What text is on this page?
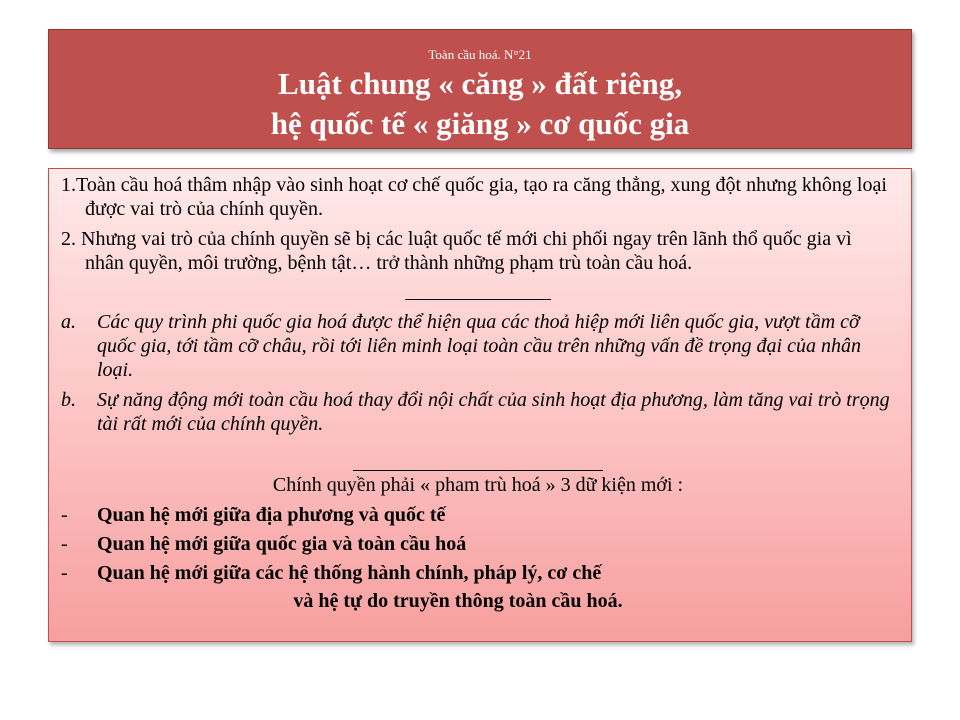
Toàn cầu hoá. N°21
Luật chung « căng » đất riêng,
hệ quốc tế « giăng » cơ quốc gia

1.Toàn cầu hoá thâm nhập vào sinh hoạt cơ chế quốc gia, tạo ra căng thẳng, xung đột nhưng không loại được vai trò của chính quyền.

2. Nhưng vai trò của chính quyền sẽ bị các luật quốc tế mới chi phối ngay trên lãnh thổ quốc gia vì nhân quyền, môi trường, bệnh tật… trở thành những phạm trù toàn cầu hoá.

a. Các quy trình phi quốc gia hoá được thể hiện qua các thoả hiệp mới liên quốc gia, vượt tầm cỡ quốc gia, tới tầm cỡ châu, rồi tới liên minh loại toàn cầu trên những vấn đề trọng đại của nhân loại.

b. Sự năng động mới toàn cầu hoá thay đổi nội chất của sinh hoạt địa phương, làm tăng vai trò trọng tài rất mới của chính quyền.

Chính quyền phải « pham trù hoá » 3 dữ kiện mới :

- Quan hệ mới giữa địa phương và quốc tế

- Quan hệ mới giữa quốc gia và toàn cầu hoá

- Quan hệ mới giữa các hệ thống hành chính, pháp lý, cơ chế

và hệ tự do truyền thông toàn cầu hoá.
